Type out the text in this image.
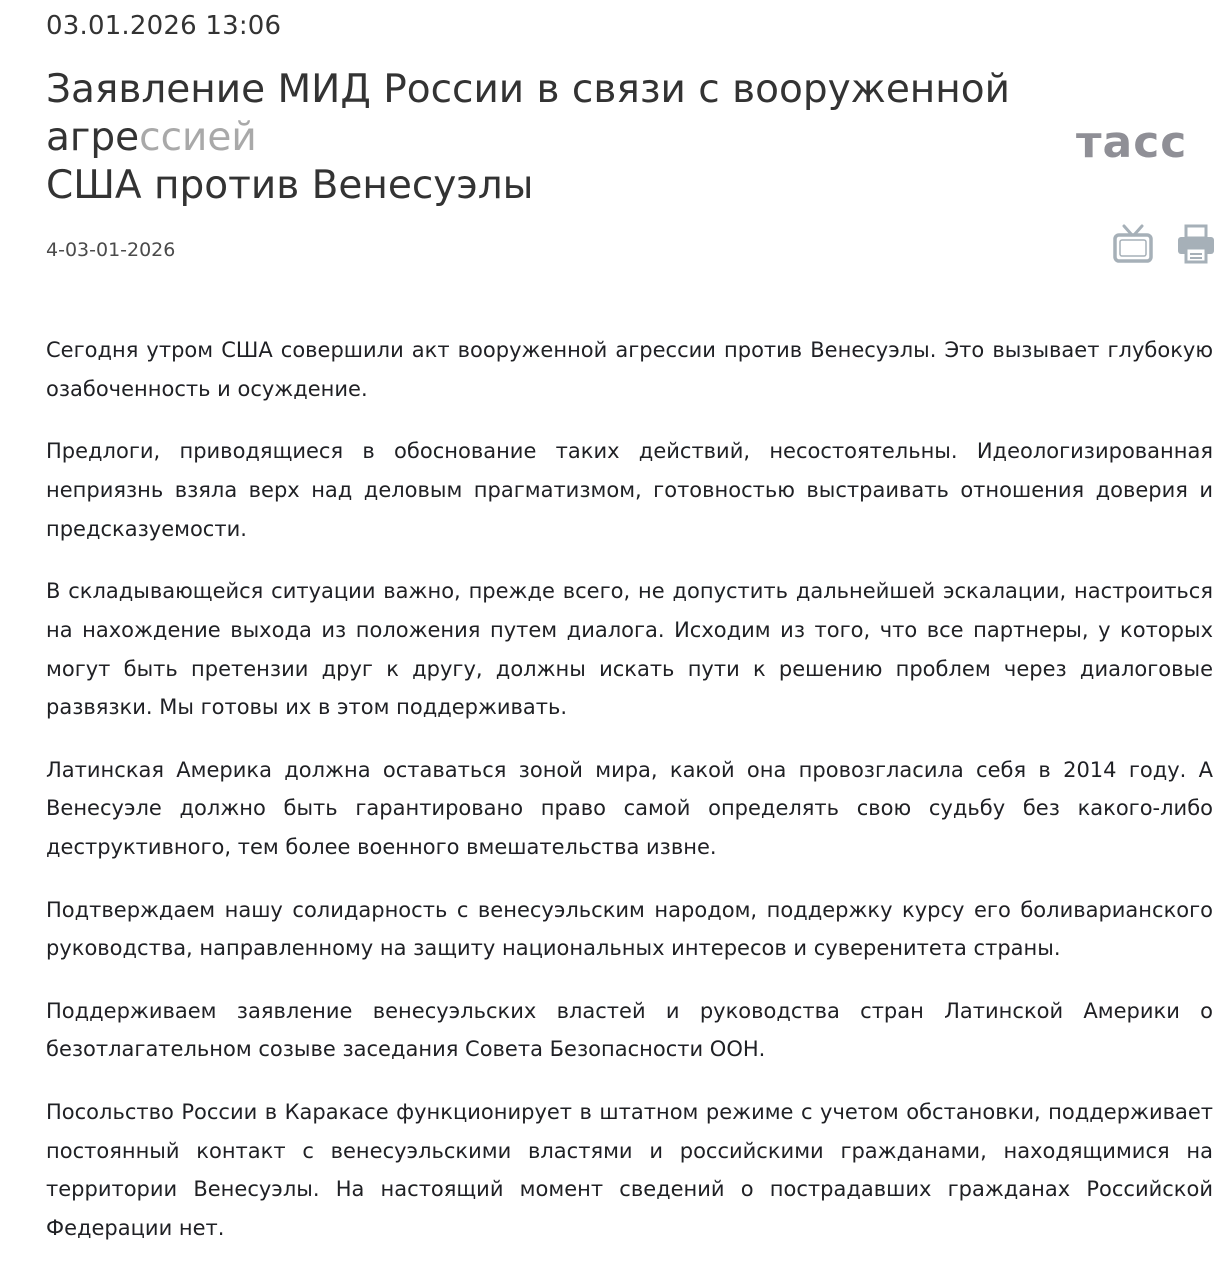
03.01.2026 13:06
Заявление МИД России в связи с вооруженной агрессией
США против Венесуэлы
тасс
4-03-01-2026

Сегодня утром США совершили акт вооруженной агрессии против Венесуэлы. Это вызывает глубокую озабоченность и осуждение.

Предлоги, приводящиеся в обоснование таких действий, несостоятельны. Идеологизированная неприязнь взяла верх над деловым прагматизмом, готовностью выстраивать отношения доверия и предсказуемости.

В складывающейся ситуации важно, прежде всего, не допустить дальнейшей эскалации, настроиться на нахождение выхода из положения путем диалога. Исходим из того, что все партнеры, у которых могут быть претензии друг к другу, должны искать пути к решению проблем через диалоговые развязки. Мы готовы их в этом поддерживать.

Латинская Америка должна оставаться зоной мира, какой она провозгласила себя в 2014 году. А Венесуэле должно быть гарантировано право самой определять свою судьбу без какого-либо деструктивного, тем более военного вмешательства извне.

Подтверждаем нашу солидарность с венесуэльским народом, поддержку курсу его боливарианского руководства, направленному на защиту национальных интересов и суверенитета страны.

Поддерживаем заявление венесуэльских властей и руководства стран Латинской Америки о безотлагательном созыве заседания Совета Безопасности ООН.

Посольство России в Каракасе функционирует в штатном режиме с учетом обстановки, поддерживает постоянный контакт с венесуэльскими властями и российскими гражданами, находящимися на территории Венесуэлы. На настоящий момент сведений о пострадавших гражданах Российской Федерации нет.
